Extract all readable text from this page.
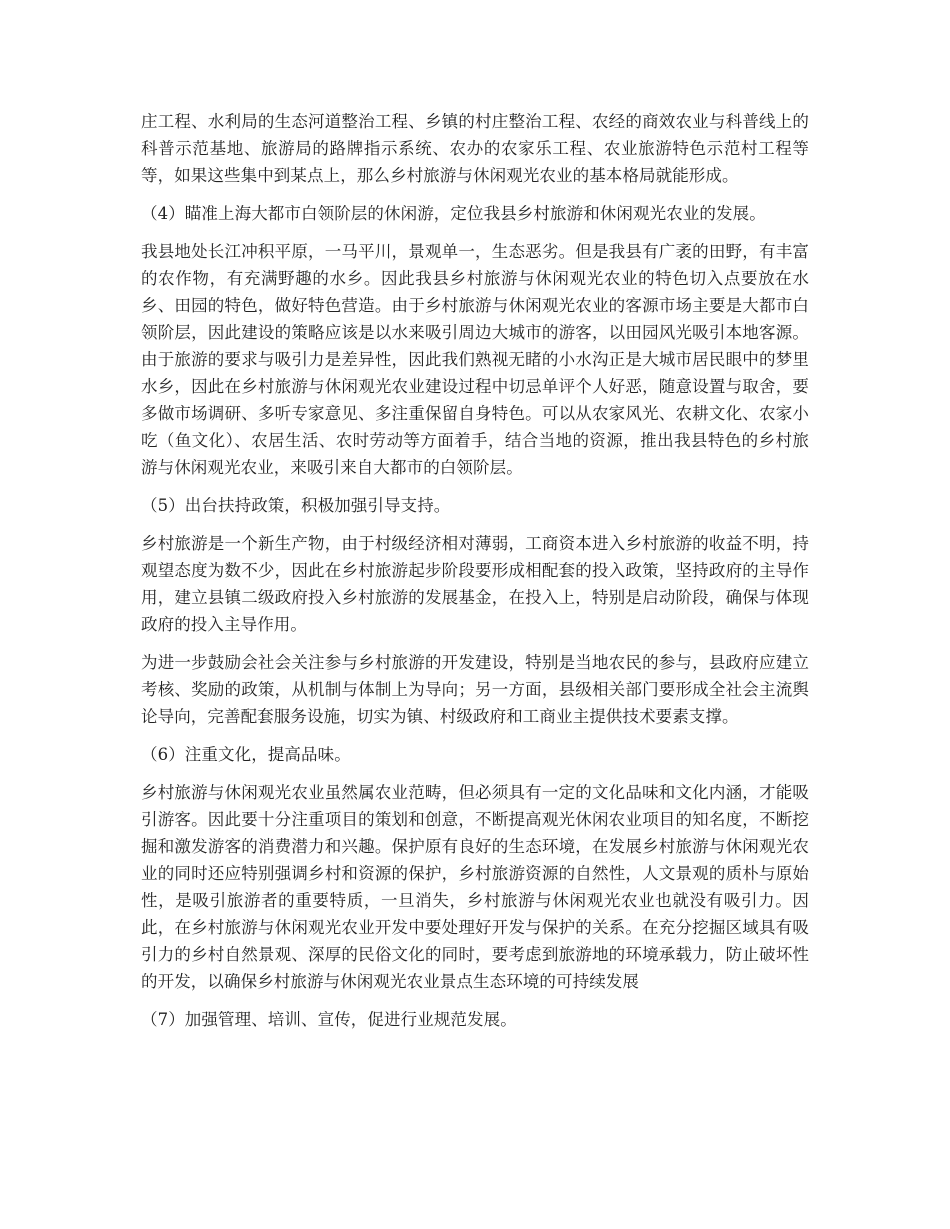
庄工程、水利局的生态河道整治工程、乡镇的村庄整治工程、农经的商效农业与科普线上的科普示范基地、旅游局的路牌指示系统、农办的农家乐工程、农业旅游特色示范村工程等等，如果这些集中到某点上，那么乡村旅游与休闲观光农业的基本格局就能形成。

（4）瞄准上海大都市白领阶层的休闲游，定位我县乡村旅游和休闲观光农业的发展。

我县地处长江冲积平原，一马平川，景观单一，生态恶劣。但是我县有广袤的田野，有丰富的农作物，有充满野趣的水乡。因此我县乡村旅游与休闲观光农业的特色切入点要放在水乡、田园的特色，做好特色营造。由于乡村旅游与休闲观光农业的客源市场主要是大都市白领阶层，因此建设的策略应该是以水来吸引周边大城市的游客，以田园风光吸引本地客源。由于旅游的要求与吸引力是差异性，因此我们熟视无睹的小水沟正是大城市居民眼中的梦里水乡，因此在乡村旅游与休闲观光农业建设过程中切忌单评个人好恶，随意设置与取舍，要多做市场调研、多听专家意见、多注重保留自身特色。可以从农家风光、农耕文化、农家小吃（鱼文化）、农居生活、农时劳动等方面着手，结合当地的资源，推出我县特色的乡村旅游与休闲观光农业，来吸引来自大都市的白领阶层。

（5）出台扶持政策，积极加强引导支持。

乡村旅游是一个新生产物，由于村级经济相对薄弱，工商资本进入乡村旅游的收益不明，持观望态度为数不少，因此在乡村旅游起步阶段要形成相配套的投入政策，坚持政府的主导作用，建立县镇二级政府投入乡村旅游的发展基金，在投入上，特别是启动阶段，确保与体现政府的投入主导作用。

为进一步鼓励会社会关注参与乡村旅游的开发建设，特别是当地农民的参与，县政府应建立考核、奖励的政策，从机制与体制上为导向；另一方面，县级相关部门要形成全社会主流舆论导向，完善配套服务设施，切实为镇、村级政府和工商业主提供技术要素支撑。

（6）注重文化，提高品味。

乡村旅游与休闲观光农业虽然属农业范畴，但必须具有一定的文化品味和文化内涵，才能吸引游客。因此要十分注重项目的策划和创意，不断提高观光休闲农业项目的知名度，不断挖掘和激发游客的消费潜力和兴趣。保护原有良好的生态环境，在发展乡村旅游与休闲观光农业的同时还应特别强调乡村和资源的保护，乡村旅游资源的自然性，人文景观的质朴与原始性，是吸引旅游者的重要特质，一旦消失，乡村旅游与休闲观光农业也就没有吸引力。因此，在乡村旅游与休闲观光农业开发中要处理好开发与保护的关系。在充分挖掘区域具有吸引力的乡村自然景观、深厚的民俗文化的同时，要考虑到旅游地的环境承载力，防止破坏性的开发，以确保乡村旅游与休闲观光农业景点生态环境的可持续发展

（7）加强管理、培训、宣传，促进行业规范发展。
